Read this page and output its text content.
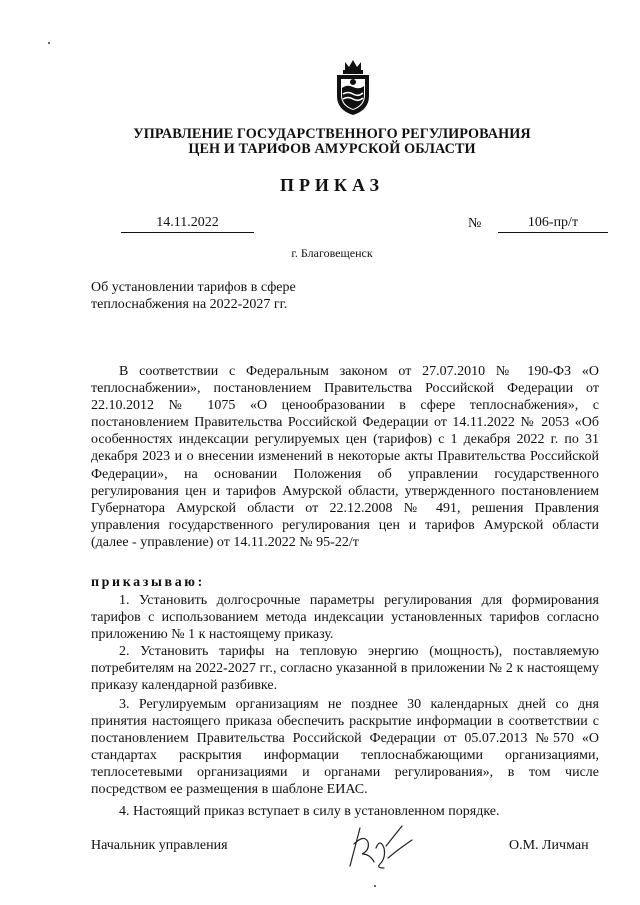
УПРАВЛЕНИЕ ГОСУДАРСТВЕННОГО РЕГУЛИРОВАНИЯ
ЦЕН И ТАРИФОВ АМУРСКОЙ ОБЛАСТИ
ПРИКАЗ
14.11.2022	№	106-пр/т
г. Благовещенск
Об установлении тарифов в сфере теплоснабжения на 2022-2027 гг.
В соответствии с Федеральным законом от 27.07.2010 № 190-ФЗ «О теплоснабжении», постановлением Правительства Российской Федерации от 22.10.2012 № 1075 «О ценообразовании в сфере теплоснабжения», с постановлением Правительства Российской Федерации от 14.11.2022 № 2053 «Об особенностях индексации регулируемых цен (тарифов) с 1 декабря 2022 г. по 31 декабря 2023 и о внесении изменений в некоторые акты Правительства Российской Федерации», на основании Положения об управлении государственного регулирования цен и тарифов Амурской области, утвержденного постановлением Губернатора Амурской области от 22.12.2008 № 491, решения Правления управления государственного регулирования цен и тарифов Амурской области (далее - управление) от 14.11.2022 № 95-22/т
приказываю:
1. Установить долгосрочные параметры регулирования для формирования тарифов с использованием метода индексации установленных тарифов согласно приложению № 1 к настоящему приказу.
2. Установить тарифы на тепловую энергию (мощность), поставляемую потребителям на 2022-2027 гг., согласно указанной в приложении № 2 к настоящему приказу календарной разбивке.
3. Регулируемым организациям не позднее 30 календарных дней со дня принятия настоящего приказа обеспечить раскрытие информации в соответствии с постановлением Правительства Российской Федерации от 05.07.2013 №570 «О стандартах раскрытия информации теплоснабжающими организациями, теплосетевыми организациями и органами регулирования», в том числе посредством ее размещения в шаблоне ЕИАС.
4. Настоящий приказ вступает в силу в установленном порядке.
Начальник управления	О.М. Личман
